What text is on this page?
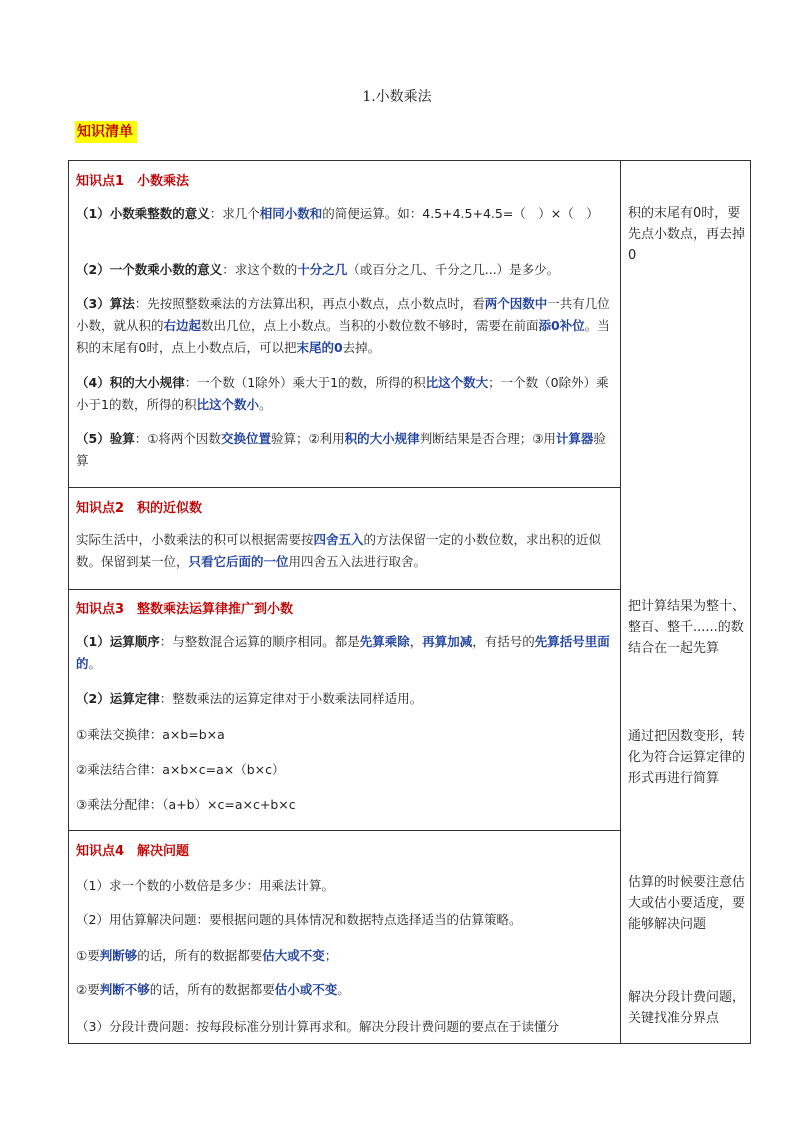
1.小数乘法
知识清单
知识点1　小数乘法
（1）小数乘整数的意义：求几个相同小数和的简便运算。如：4.5+4.5+4.5=（　）×（　）
（2）一个数乘小数的意义：求这个数的十分之几（或百分之几、千分之几...）是多少。
（3）算法：先按照整数乘法的方法算出积，再点小数点，点小数点时，看两个因数中一共有几位小数，就从积的右边起数出几位，点上小数点。当积的小数位数不够时，需要在前面添0补位。当积的末尾有0时，点上小数点后，可以把末尾的0去掉。
（4）积的大小规律：一个数（1除外）乘大于1的数，所得的积比这个数大；一个数（0除外）乘小于1的数，所得的积比这个数小。
（5）验算：①将两个因数交换位置验算；②利用积的大小规律判断结果是否合理；③用计算器验算
知识点2　积的近似数
实际生活中，小数乘法的积可以根据需要按四舍五入的方法保留一定的小数位数，求出积的近似数。保留到某一位，只看它后面的一位用四舍五入法进行取舍。
知识点3　整数乘法运算律推广到小数
（1）运算顺序：与整数混合运算的顺序相同。都是先算乘除，再算加减，有括号的先算括号里面的。
（2）运算定律：整数乘法的运算定律对于小数乘法同样适用。
①乘法交换律：a×b=b×a
②乘法结合律：a×b×c=a×（b×c）
③乘法分配律：（a+b）×c=a×c+b×c
知识点4　解决问题
（1）求一个数的小数倍是多少：用乘法计算。
（2）用估算解决问题：要根据问题的具体情况和数据特点选择适当的估算策略。
①要判断够的话，所有的数据都要估大或不变；
②要判断不够的话，所有的数据都要估小或不变。
（3）分段计费问题：按每段标准分别计算再求和。解决分段计费问题的要点在于读懂分
积的末尾有0时，要先点小数点，再去掉0
把计算结果为整十、整百、整千......的数结合在一起先算
通过把因数变形，转化为符合运算定律的形式再进行简算
估算的时候要注意估大或估小要适度，要能够解决问题
解决分段计费问题，关键找准分界点
